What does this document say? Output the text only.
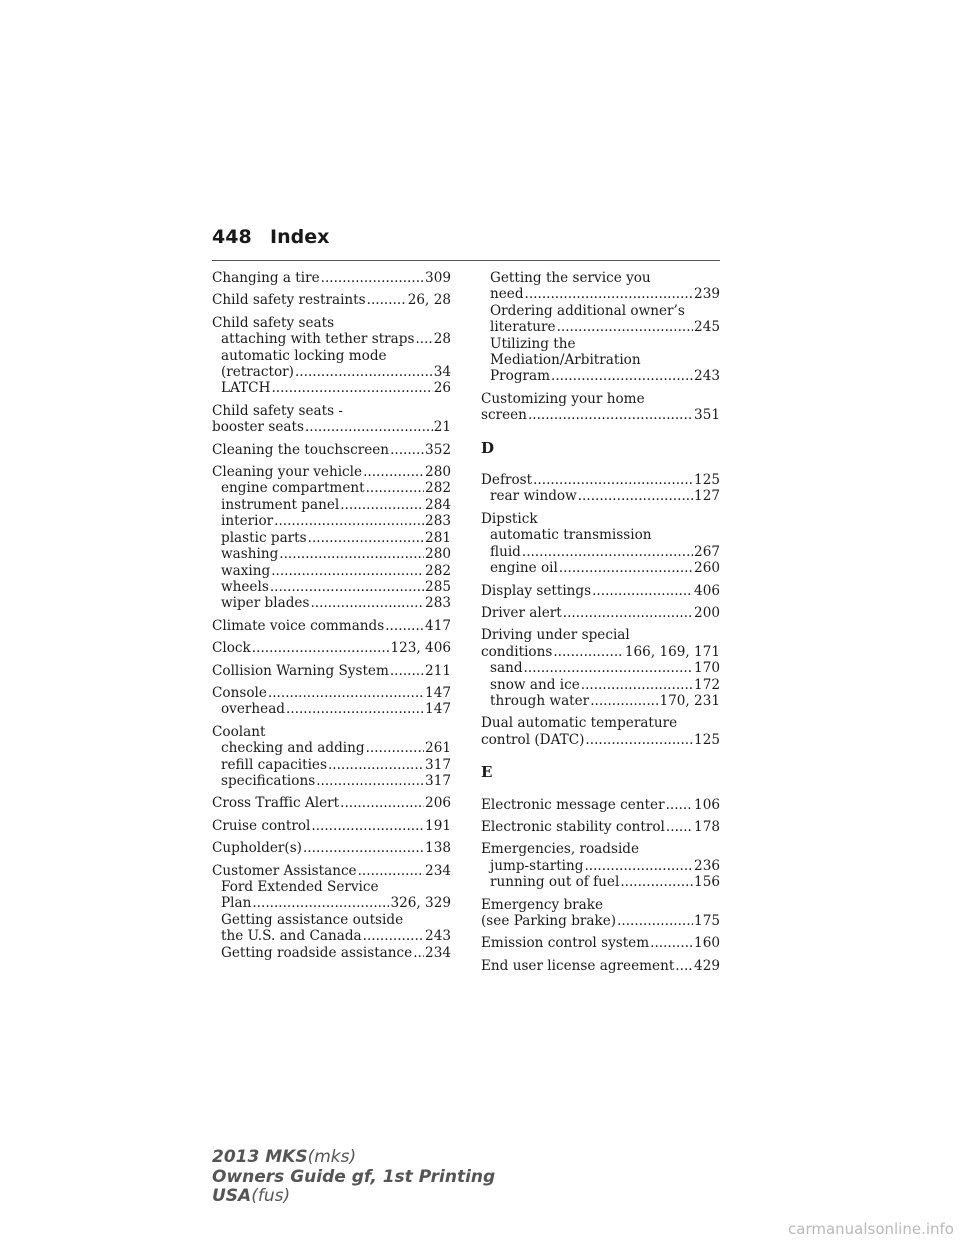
448 Index
Changing a tire .....	309
Child safety restraints .....	26, 28
Child safety seats
attaching with tether straps ..... 28
automatic locking mode
(retractor) .....	34
LATCH .....	26
Child safety seats -
booster seats .....	21
Cleaning the touchscreen .....	352
Cleaning your vehicle .....	280
engine compartment .....	282
instrument panel .....	284
interior .....	283
plastic parts .....	281
washing .....	280
waxing .....	282
wheels .....	285
wiper blades .....	283
Climate voice commands .....	417
Clock .....	123, 406
Collision Warning System .....	211
Console .....	147
overhead .....	147
Coolant
checking and adding .....	261
refill capacities .....	317
specifications .....	317
Cross Traffic Alert .....	206
Cruise control .....	191
Cupholder(s) .....	138
Customer Assistance .....	234
Ford Extended Service
Plan .....	326, 329
Getting assistance outside
the U.S. and Canada .....	243
Getting roadside assistance ..... 234
Getting the service you
need .....	239
Ordering additional owner’s
literature .....	245
Utilizing the
Mediation/Arbitration
Program .....	243
Customizing your home
screen .....	351
D
Defrost .....	125
rear window .....	127
Dipstick
automatic transmission
fluid .....	267
engine oil .....	260
Display settings .....	406
Driver alert .....	200
Driving under special
conditions .....	166, 169, 171
sand .....	170
snow and ice .....	172
through water .....	170, 231
Dual automatic temperature
control (DATC) .....	125
E
Electronic message center ..... 106
Electronic stability control ..... 178
Emergencies, roadside
jump-starting .....	236
running out of fuel .....	156
Emergency brake
(see Parking brake) .....	175
Emission control system .....	160
End user license agreement ..... 429
2013 MKS(mks)
Owners Guide gf, 1st Printing
USA(fus)
carmanualsonline.info
